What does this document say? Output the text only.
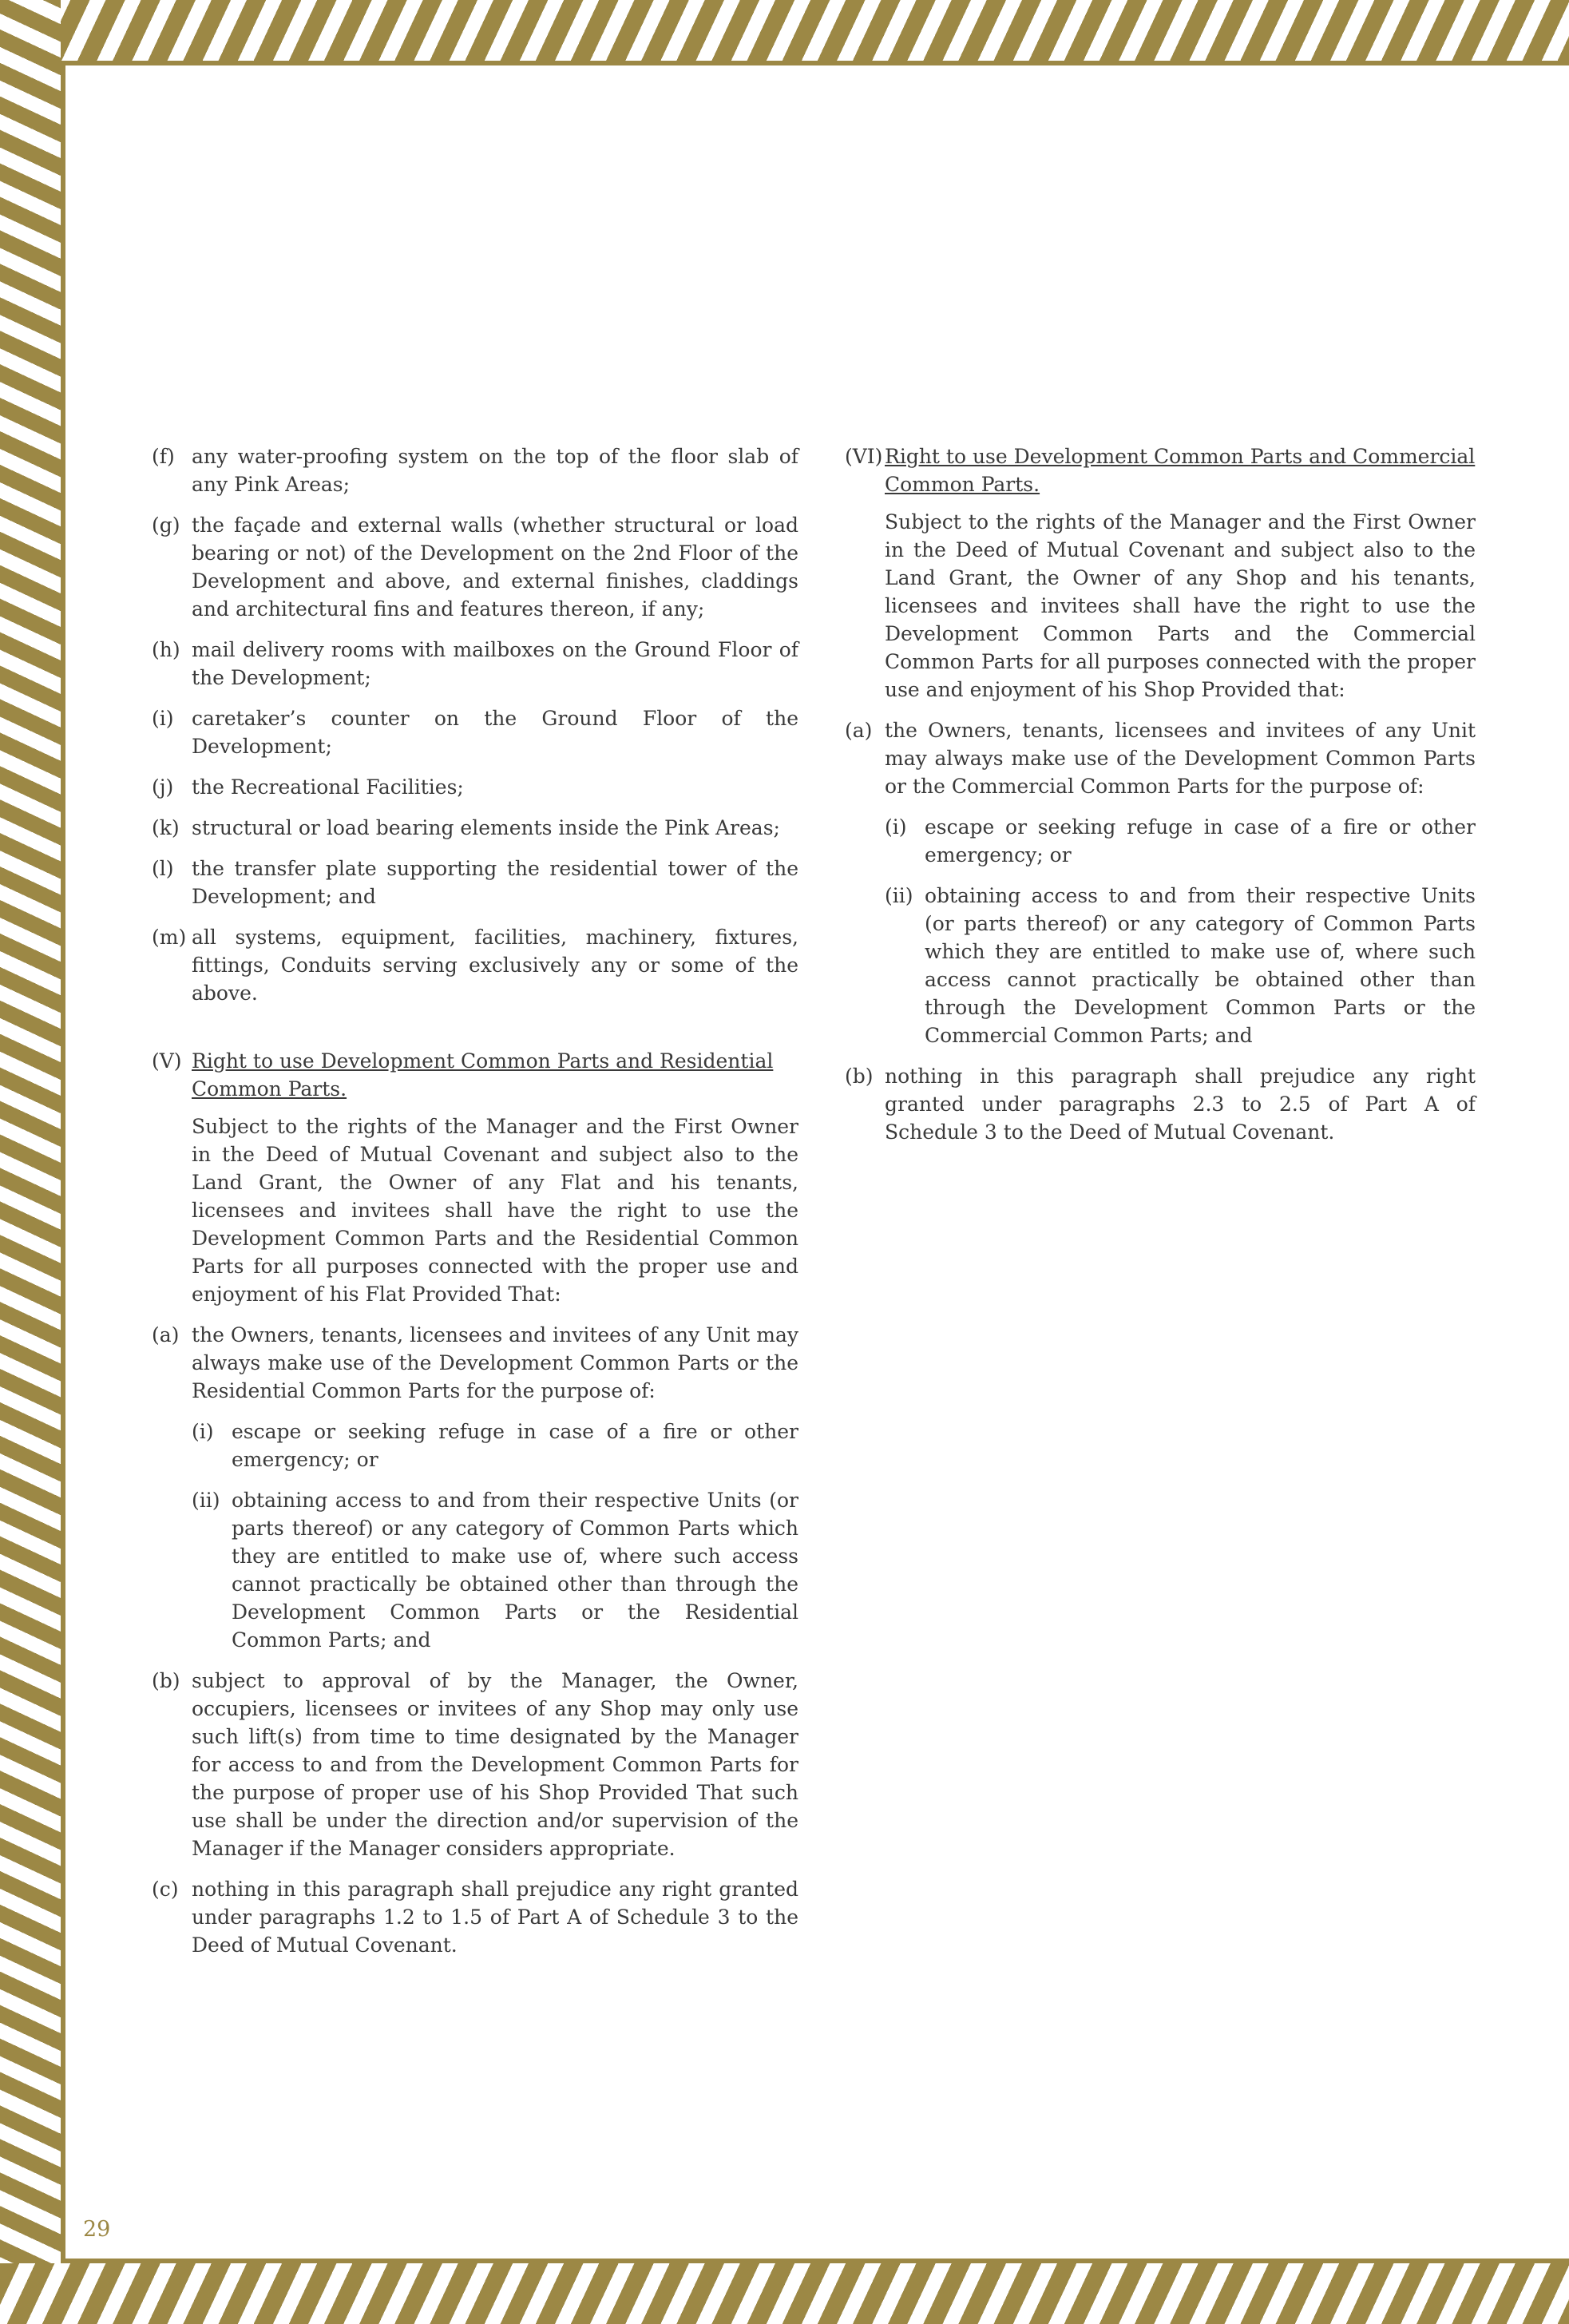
(f) any water-proofing system on the top of the floor slab of any Pink Areas;
(g) the façade and external walls (whether structural or load bearing or not) of the Development on the 2nd Floor of the Development and above, and external finishes, claddings and architectural fins and features thereon, if any;
(h) mail delivery rooms with mailboxes on the Ground Floor of the Development;
(i) caretaker’s counter on the Ground Floor of the Development;
(j) the Recreational Facilities;
(k) structural or load bearing elements inside the Pink Areas;
(l) the transfer plate supporting the residential tower of the Development; and
(m) all systems, equipment, facilities, machinery, fixtures, fittings, Conduits serving exclusively any or some of the above.
(V) Right to use Development Common Parts and Residential Common Parts.
Subject to the rights of the Manager and the First Owner in the Deed of Mutual Covenant and subject also to the Land Grant, the Owner of any Flat and his tenants, licensees and invitees shall have the right to use the Development Common Parts and the Residential Common Parts for all purposes connected with the proper use and enjoyment of his Flat Provided That:
(a) the Owners, tenants, licensees and invitees of any Unit may always make use of the Development Common Parts or the Residential Common Parts for the purpose of:
(i) escape or seeking refuge in case of a fire or other emergency; or
(ii) obtaining access to and from their respective Units (or parts thereof) or any category of Common Parts which they are entitled to make use of, where such access cannot practically be obtained other than through the Development Common Parts or the Residential Common Parts; and
(b) subject to approval of by the Manager, the Owner, occupiers, licensees or invitees of any Shop may only use such lift(s) from time to time designated by the Manager for access to and from the Development Common Parts for the purpose of proper use of his Shop Provided That such use shall be under the direction and/or supervision of the Manager if the Manager considers appropriate.
(c) nothing in this paragraph shall prejudice any right granted under paragraphs 1.2 to 1.5 of Part A of Schedule 3 to the Deed of Mutual Covenant.
(VI) Right to use Development Common Parts and Commercial Common Parts.
Subject to the rights of the Manager and the First Owner in the Deed of Mutual Covenant and subject also to the Land Grant, the Owner of any Shop and his tenants, licensees and invitees shall have the right to use the Development Common Parts and the Commercial Common Parts for all purposes connected with the proper use and enjoyment of his Shop Provided that:
(a) the Owners, tenants, licensees and invitees of any Unit may always make use of the Development Common Parts or the Commercial Common Parts for the purpose of:
(i) escape or seeking refuge in case of a fire or other emergency; or
(ii) obtaining access to and from their respective Units (or parts thereof) or any category of Common Parts which they are entitled to make use of, where such access cannot practically be obtained other than through the Development Common Parts or the Commercial Common Parts; and
(b) nothing in this paragraph shall prejudice any right granted under paragraphs 2.3 to 2.5 of Part A of Schedule 3 to the Deed of Mutual Covenant.
29
